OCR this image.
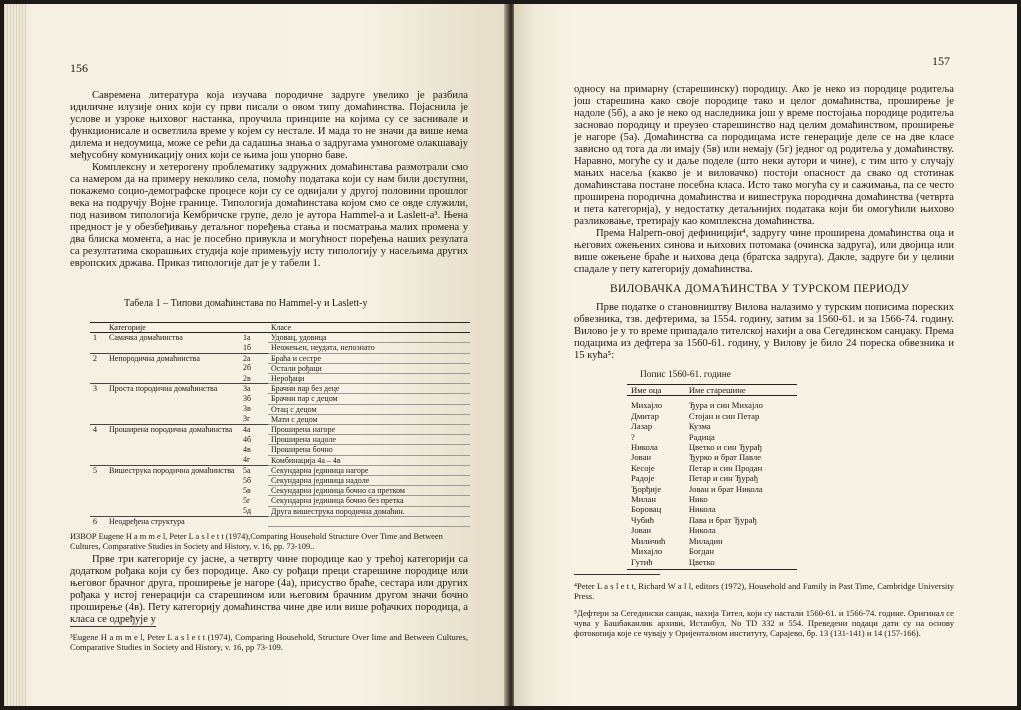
156

Савремена литература која изучава породичне задруге увелико је разбила идиличне илузије оних који су први писали о овом типу домаћинства. Појаснила је услове и узроке њиховог настанка, проучила принципе на којима су се заснивале и функционисале и осветлила време у којем су нестале. И мада то не значи да више нема дилема и недоумица, може се рећи да садашња знања о задругама умногоме олакшавају међусобну комуникацију оних који се њима још упорно баве.

Комплексну и хетерогену проблематику задружних домаћинстава размотрали смо са намером да на примеру неколико села, помоћу података који су нам били доступни, покажемо социо-демографске процесе који су се одвијали у другој половини прошлог века на подручју Војне границе. Типологија домаћинстава којом смо се овде служили, под називом типологија Кембричске групе, дело је аутора Hammel-а и Laslett-а³. Њена предност је у обезбеђивању детаљног поређења стања и посматрања малих промена у два блиска момента, а нас је посебно привукла и могућност поређења наших резулата са резултатима скорашњих студија које примењују исту типологију у насељима других европских држава. Приказ типологије дат је у табели 1.

Табела 1 – Типови домаћинстава по Hammel-у и Laslett-у
	Категорије		Класе
1	Самачка домаћинства	1а	Удовац, удовица
		1б	Неожењен, неудата, непознато
2	Непородична домаћинства	2а	Браћа и сестре
		2б	Остали рођаци
		2в	Нерођаци
3	Проста породична домаћинства	3а	Брачни пар без деце
		3б	Брачни пар с децом
		3в	Отац с децом
		3г	Мати с децом
4	Проширена породична домаћинства	4а	Проширена нагоре
		4б	Проширена надоле
		4в	Проширена бочно
		4г	Комбинација 4а – 4в
5	Вишеструка породична домаћинства	5а	Секундарна јединица нагоре
		5б	Секундарна јединица надоле
		5в	Секундарна јединица бочно са претком
		5г	Секундарна јединица бочно без претка
		5д	Друга вишеструка породична домаћин.
6	Неодређена структура		
ИЗВОР Eugene H a m m e l, Peter L a s l e t t (1974),Comparing Household Structure Over Time and Between Cultures, Comparative Studies in Society and History, v. 16, pp. 73-109..

Прве три категорије су јасне, а четврту чине породице као у трећој категорији са додатком рођака који су без породице. Ако су рођаци преци старешине породице или његовог брачног друга, проширење је нагоре (4а), присуство браће, сестара или других рођака у истој генерацији са старешином или његовим брачним другом значи бочно проширење (4в). Пету категорију домаћинства чине две или више рођачких породица, а класа се одређује у

³Eugene H a m m e l, Peter L a s l e t t (1974), Comparing Household, Structure Over lime and Between Cultures, Comparative Studies in Society and History, v. 16, pp 73-109.
157

односу на примарну (старешинску) породицу. Ако је неко из породице родитеља још старешина како своје породице тако и целог домаћинства, проширење је надоле (5б), а ако је неко од наследника још у време постојања породице родитеља засновао породицу и преузео старешинство над целим домаћинством, проширење је нагоре (5а). Домаћинства са породицама исте генерације деле се на две класе зависно од тога да ли имају (5в) или немају (5г) једног од родитеља у домаћинству. Наравно, могуће су и даље поделе (што неки аутори и чине), с тим што у случају мањих насеља (какво је и виловачко) постоји опасност да свако од стотинак домаћинстава постане посебна класа. Исто тако могућа су и сажимања, па се често проширена породична домаћинства и вишеструка породична домаћинства (четврта и пета категорија), у недостатку детаљнијих података који би омогућили њихово разликовање, третирају као комплексна домаћинства.

Према Halpern-овој дефиницији⁴, задругу чине проширена домаћинства оца и његових ожењених синова и њихових потомака (очинска задруга), или двојица или више ожењене браће и њихова деца (братска задруга). Дакле, задруге би у целини спадале у пету категорију домаћинства.

ВИЛОВАЧКА ДОМАЋИНСТВА У ТУРСКОМ ПЕРИОДУ

Прве податке о становништву Вилова налазимо у турским пописима пореских обвезника, тзв. дефтерима, за 1554. годину, затим за 1560-61. и за 1566-74. годину. Вилово је у то време припадало тителској нахији а ова Сегединском санџаку. Према подацима из дефтера за 1560-61. годину, у Вилову је било 24 пореска обвезника и 15 кућа⁵:

Попис 1560-61. године
Име оца	Име старешине
Михајло	Ђура и син Михајло
Дмитар	Стојан и син Петар
Лазар	Кузма
?	Радица
Никола	Цветко и син Ђурађ
Јован	Ђурко и брат Павле
Кесоје	Петар и син Продан
Радоје	Петар и син Ђурађ
Ђорђије	Јован и брат Никола
Милан	Нико
Боровац	Никола
Чубић	Пава и брат Ђурађ
Јован	Никола
Миличић	Миладин
Михајло	Богдан
Гутић	Цветко
⁴Peter L a s l e t t, Richard W a l l, editors (1972), Household and Family in Past Time, Cambridge University Press.
⁵Дефтери за Сегедински санџак, нахија Тител, који су настали 1560-61. и 1566-74. године. Оригинал се чува у Башбаканлик архиви, Истанбул, No TD 332 и 554. Преведени подаци дати су на основу фотокопија које се чувају у Оријенталном институту, Сарајево, бр. 13 (131-141) и 14 (157-166).
